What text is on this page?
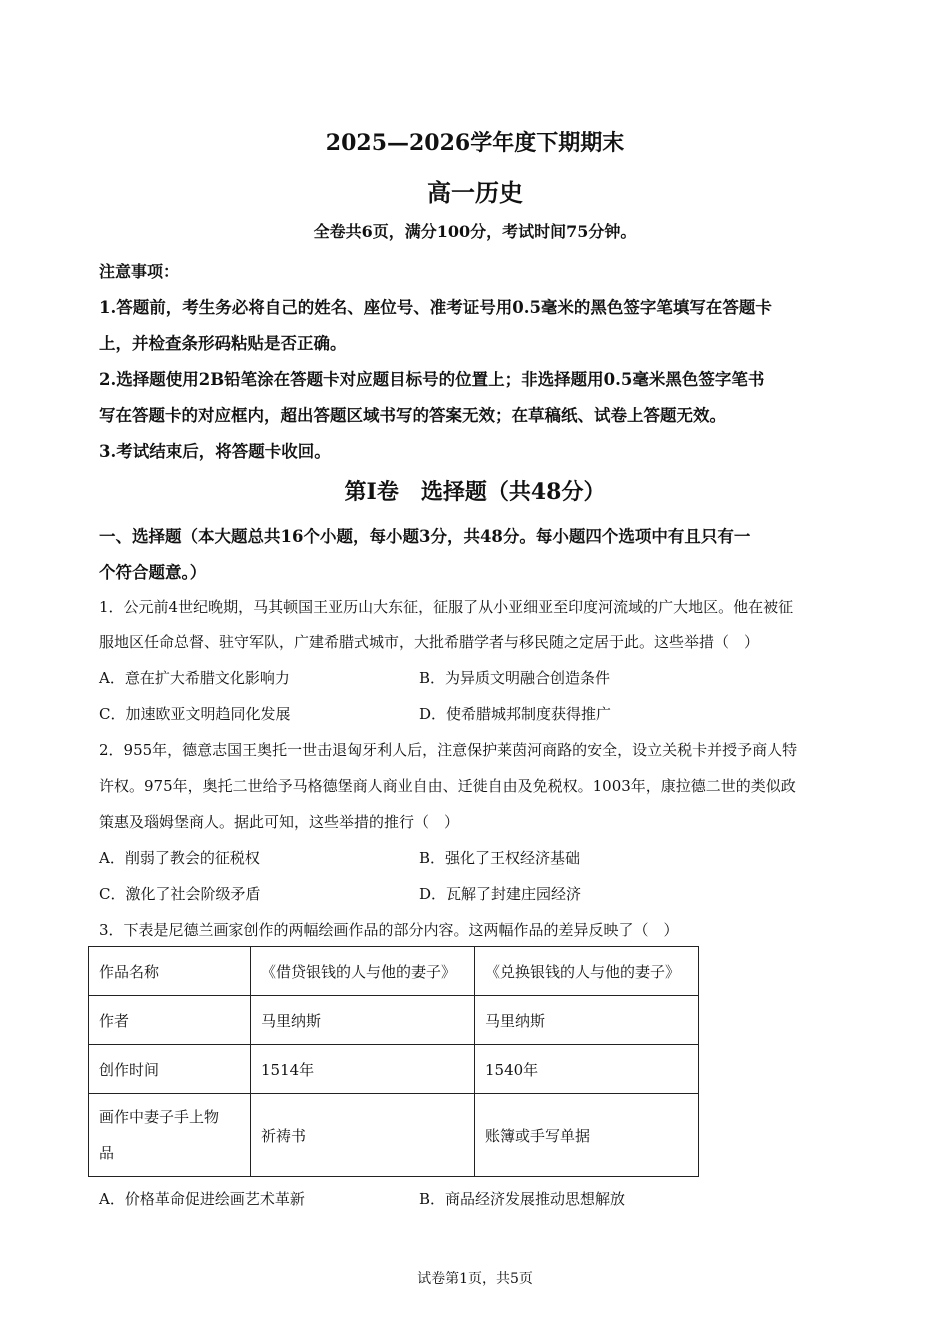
2025—2026学年度下期期末
高一历史
全卷共6页，满分100分，考试时间75分钟。
注意事项：
1.答题前，考生务必将自己的姓名、座位号、准考证号用0.5毫米的黑色签字笔填写在答题卡
上，并检查条形码粘贴是否正确。
2.选择题使用2B铅笔涂在答题卡对应题目标号的位置上；非选择题用0.5毫米黑色签字笔书
写在答题卡的对应框内，超出答题区域书写的答案无效；在草稿纸、试卷上答题无效。
3.考试结束后，将答题卡收回。
第Ⅰ卷　选择题（共48分）
一、选择题（本大题总共16个小题，每小题3分，共48分。每小题四个选项中有且只有一
个符合题意。）
1．公元前4世纪晚期，马其顿国王亚历山大东征，征服了从小亚细亚至印度河流域的广大地区。他在被征
服地区任命总督、驻守军队，广建希腊式城市，大批希腊学者与移民随之定居于此。这些举措（　）
A．意在扩大希腊文化影响力	B．为异质文明融合创造条件
C．加速欧亚文明趋同化发展	D．使希腊城邦制度获得推广
2．955年，德意志国王奥托一世击退匈牙利人后，注意保护莱茵河商路的安全，设立关税卡并授予商人特
许权。975年，奥托二世给予马格德堡商人商业自由、迁徙自由及免税权。1003年，康拉德二世的类似政
策惠及瑙姆堡商人。据此可知，这些举措的推行（　）
A．削弱了教会的征税权	B．强化了王权经济基础
C．激化了社会阶级矛盾	D．瓦解了封建庄园经济
3．下表是尼德兰画家创作的两幅绘画作品的部分内容。这两幅作品的差异反映了（　）
作品名称	《借贷银钱的人与他的妻子》	《兑换银钱的人与他的妻子》
作者	马里纳斯	马里纳斯
创作时间	1514年	1540年

画作中妻子手上物
品	祈祷书	账簿或手写单据
A．价格革命促进绘画艺术革新	B．商品经济发展推动思想解放
试卷第1页，共5页
